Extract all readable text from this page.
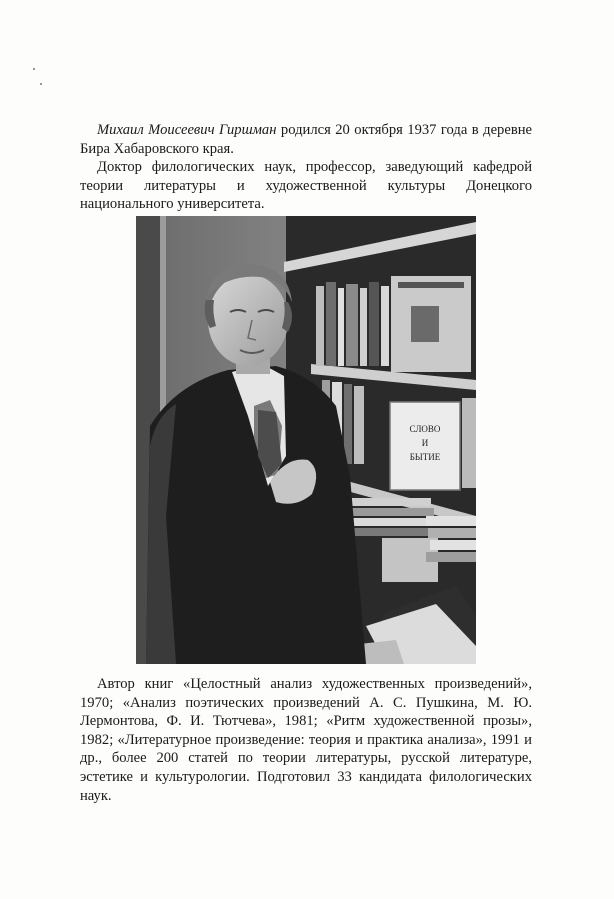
Михаил Моисеевич Гиршман родился 20 октября 1937 года в деревне Бира Хабаровского края.

Доктор филологических наук, профессор, заведующий кафедрой теории литературы и художественной культуры Донецкого национального университета.

СЛОВО
И
БЫТИЕ

Автор книг «Целостный анализ художественных произведений», 1970; «Анализ поэтических произведений А. С. Пушкина, М. Ю. Лермонтова, Ф. И. Тютчева», 1981; «Ритм художественной прозы», 1982; «Литературное произведение: теория и практика анализа», 1991 и др., более 200 статей по теории литературы, русской литературе, эстетике и культурологии. Подготовил 33 кандидата филологических наук.
